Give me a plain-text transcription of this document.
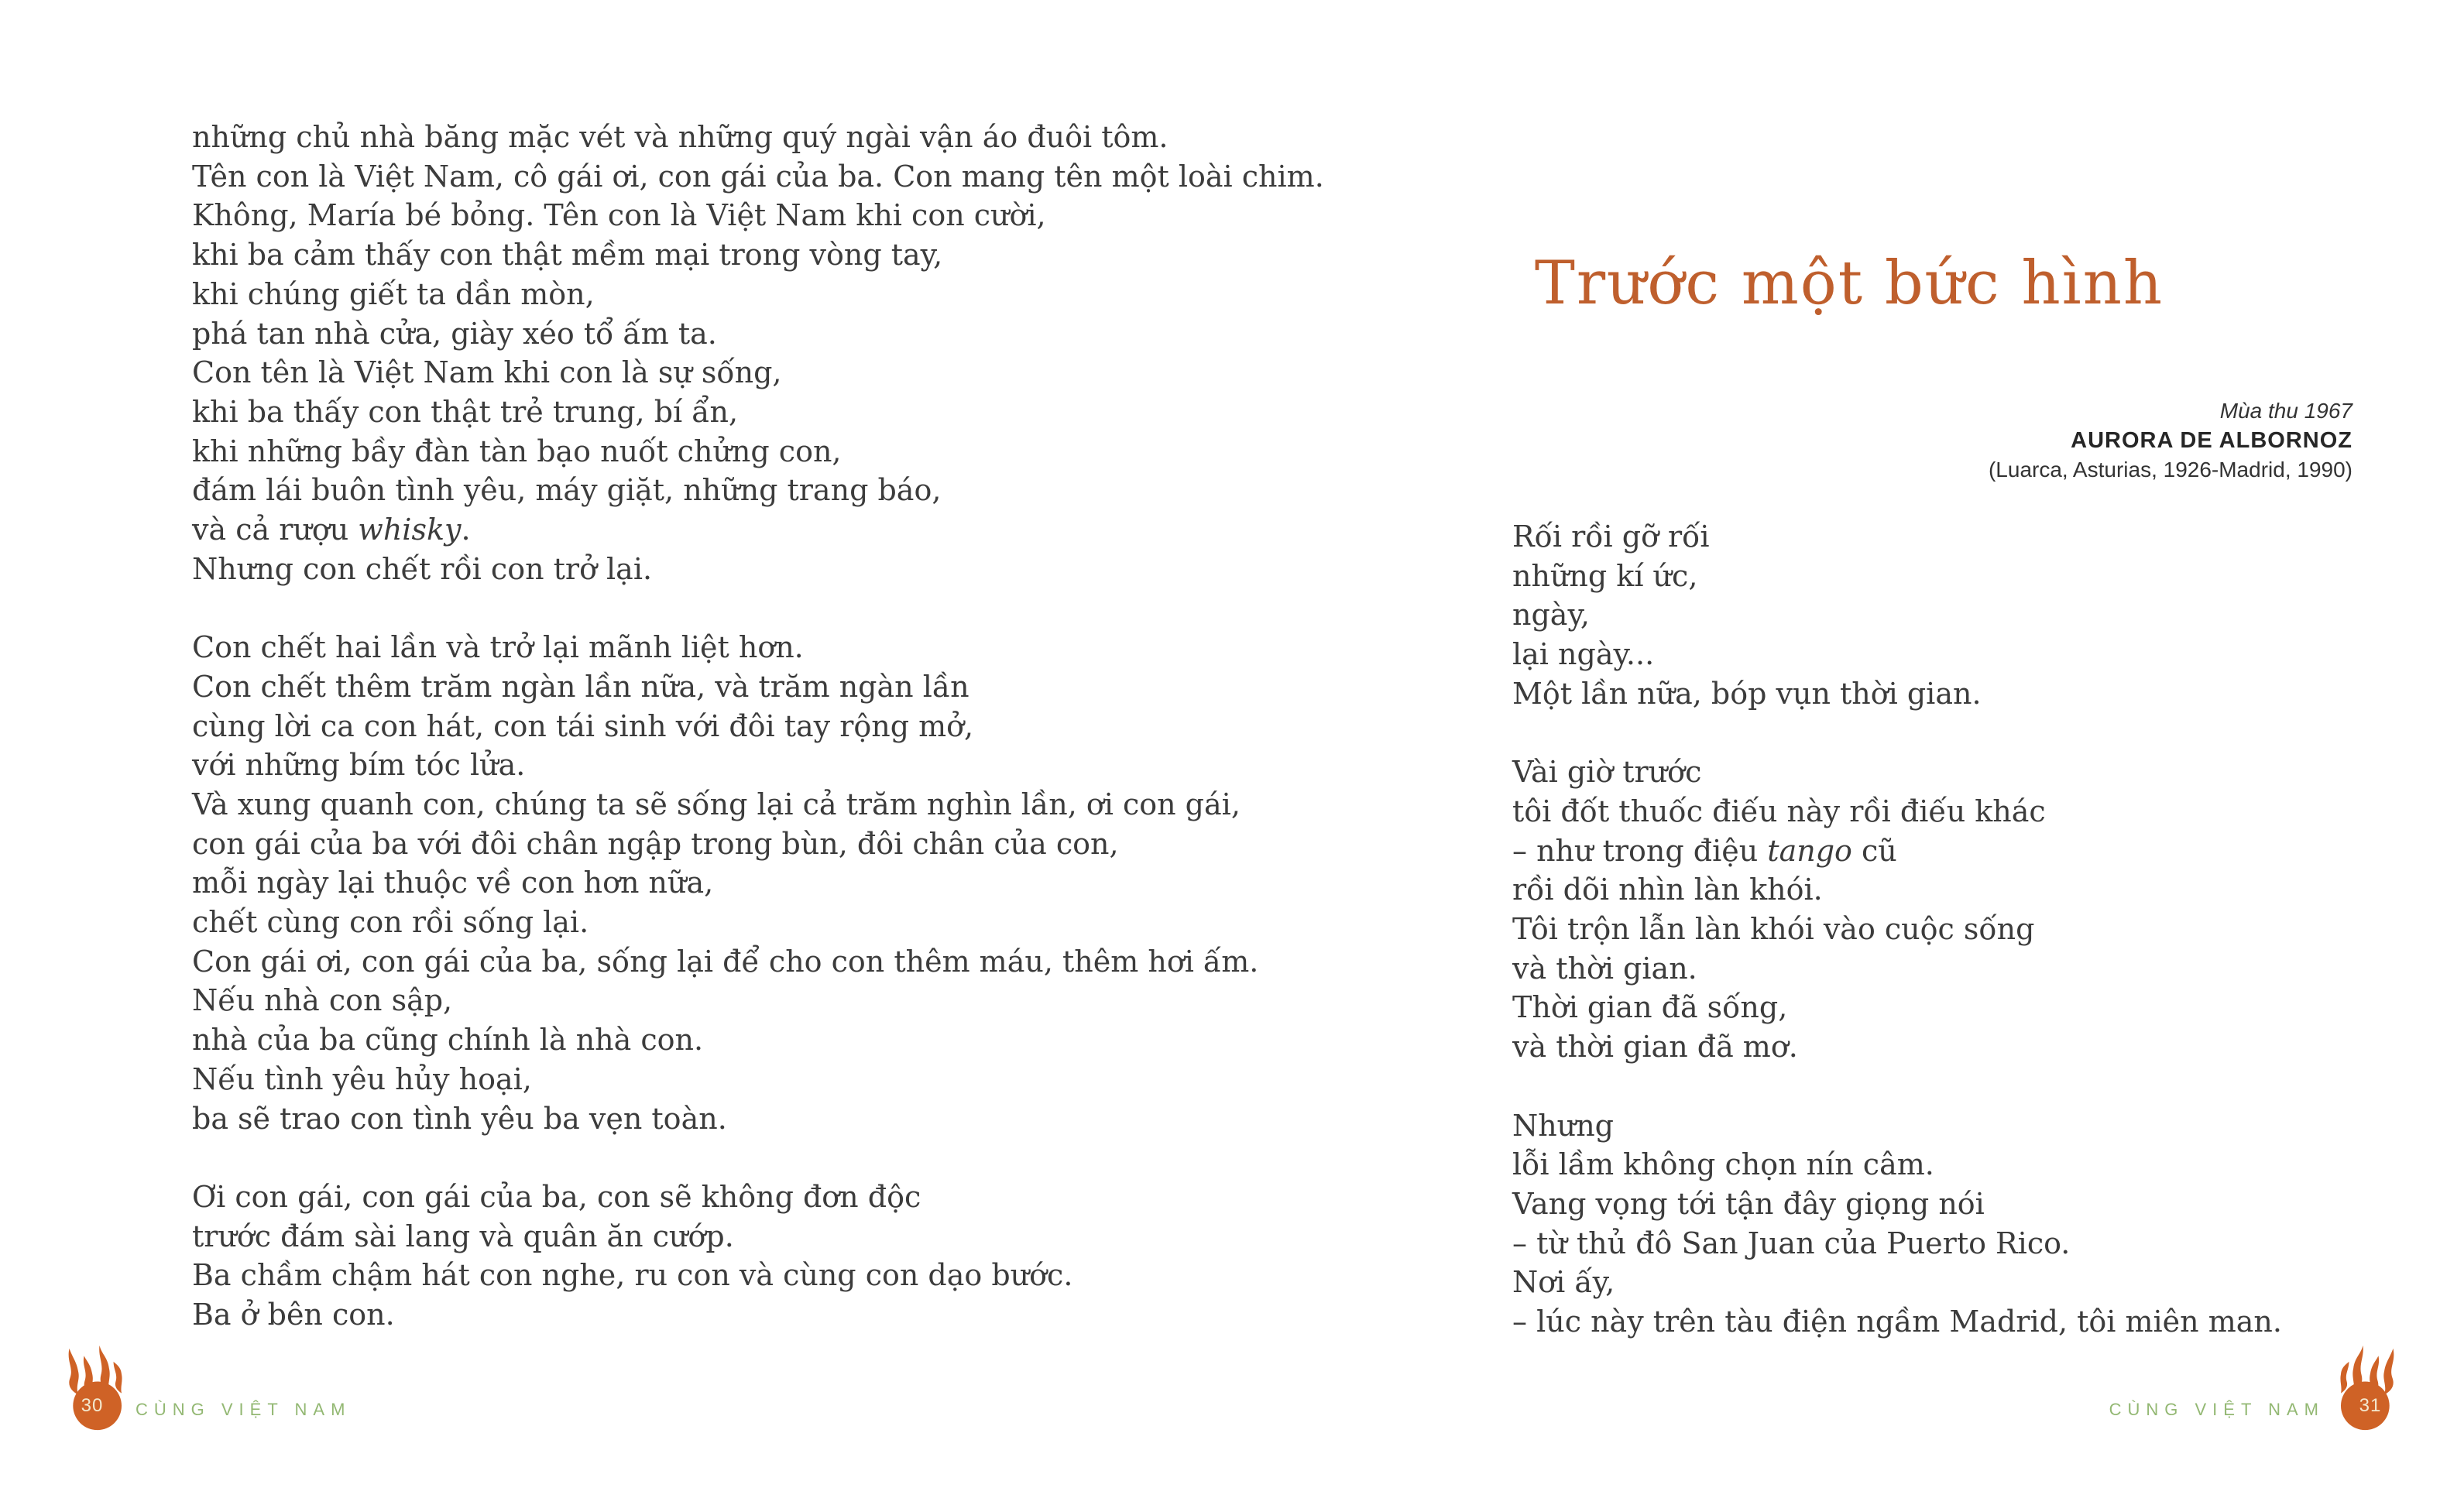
những chủ nhà băng mặc vét và những quý ngài vận áo đuôi tôm.
Tên con là Việt Nam, cô gái ơi, con gái của ba. Con mang tên một loài chim.
Không, María bé bỏng. Tên con là Việt Nam khi con cười,
khi ba cảm thấy con thật mềm mại trong vòng tay,
khi chúng giết ta dần mòn,
phá tan nhà cửa, giày xéo tổ ấm ta.
Con tên là Việt Nam khi con là sự sống,
khi ba thấy con thật trẻ trung, bí ẩn,
khi những bầy đàn tàn bạo nuốt chửng con,
đám lái buôn tình yêu, máy giặt, những trang báo,
và cả rượu whisky.
Nhưng con chết rồi con trở lại.

Con chết hai lần và trở lại mãnh liệt hơn.
Con chết thêm trăm ngàn lần nữa, và trăm ngàn lần
cùng lời ca con hát, con tái sinh với đôi tay rộng mở,
với những bím tóc lửa.
Và xung quanh con, chúng ta sẽ sống lại cả trăm nghìn lần, ơi con gái,
con gái của ba với đôi chân ngập trong bùn, đôi chân của con,
mỗi ngày lại thuộc về con hơn nữa,
chết cùng con rồi sống lại.
Con gái ơi, con gái của ba, sống lại để cho con thêm máu, thêm hơi ấm.
Nếu nhà con sập,
nhà của ba cũng chính là nhà con.
Nếu tình yêu hủy hoại,
ba sẽ trao con tình yêu ba vẹn toàn.

Ơi con gái, con gái của ba, con sẽ không đơn độc
trước đám sài lang và quân ăn cướp.
Ba chầm chậm hát con nghe, ru con và cùng con dạo bước.
Ba ở bên con.
Trước một bức hình
Mùa thu 1967
AURORA DE ALBORNOZ
(Luarca, Asturias, 1926-Madrid, 1990)
Rối rồi gỡ rối
những kí ức,
ngày,
lại ngày...
Một lần nữa, bóp vụn thời gian.

Vài giờ trước
tôi đốt thuốc điếu này rồi điếu khác
– như trong điệu tango cũ
rồi dõi nhìn làn khói.
Tôi trộn lẫn làn khói vào cuộc sống
và thời gian.
Thời gian đã sống,
và thời gian đã mơ.

Nhưng
lỗi lầm không chọn nín câm.
Vang vọng tới tận đây giọng nói
– từ thủ đô San Juan của Puerto Rico.
Nơi ấy,
– lúc này trên tàu điện ngầm Madrid, tôi miên man.
30	CÙNG VIỆT NAM	CÙNG VIỆT NAM	31
